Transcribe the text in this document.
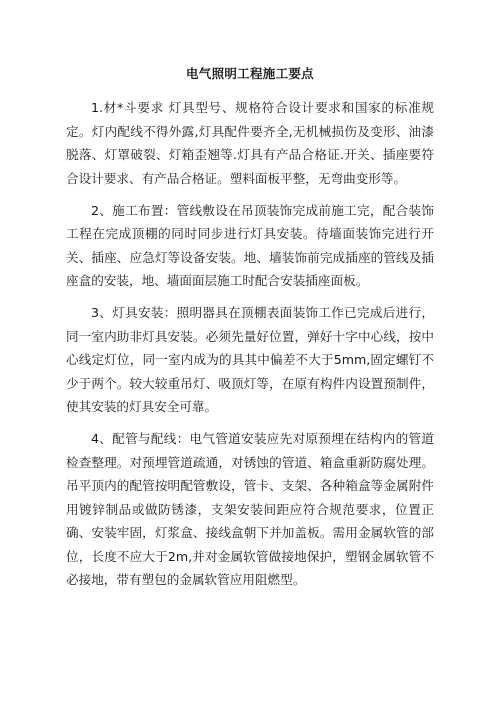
电气照明工程施工要点

1.材*斗要求 灯具型号、规格符合设计要求和国家的标准规定。灯内配线不得外露,灯具配件要齐全,无机械损伤及变形、油漆脱落、灯罩破裂、灯箱歪翘等.灯具有产品合格证.开关、插座要符合设计要求、有产品合格证。塑料面板平整，无弯曲变形等。

2、施工布置：管线敷设在吊顶装饰完成前施工完，配合装饰工程在完成顶棚的同时同步进行灯具安装。待墙面装饰完进行开关、插座、应急灯等设备安装。地、墙装饰前完成插座的管线及插座盒的安装，地、墙面面层施工时配合安装插座面板。

3、灯具安装：照明器具在顶棚表面装饰工作已完成后进行，同一室内助非灯具安装。必须先量好位置，弹好十字中心线，按中心线定灯位，同一室内成为的具其中偏差不大于5mm,固定螺钉不少于两个。较大较重吊灯、吸顶灯等，在原有构件内设置预制件，使其安装的灯具安全可靠。

4、配管与配线：电气管道安装应先对原预埋在结构内的管道检查整理。对预埋管道疏通，对锈蚀的管道、箱盒重新防腐处理。吊平顶内的配管按明配管敷设，管卡、支架、各种箱盒等金属附件用镀锌制品或做防锈漆，支架安装间距应符合规范要求，位置正确、安装牢固，灯浆盒、接线盒朝下并加盖板。需用金属软管的部位，长度不应大于2m,并对金属软管做接地保护，塑钢金属软管不必接地，带有塑包的金属软管应用阻燃型。
